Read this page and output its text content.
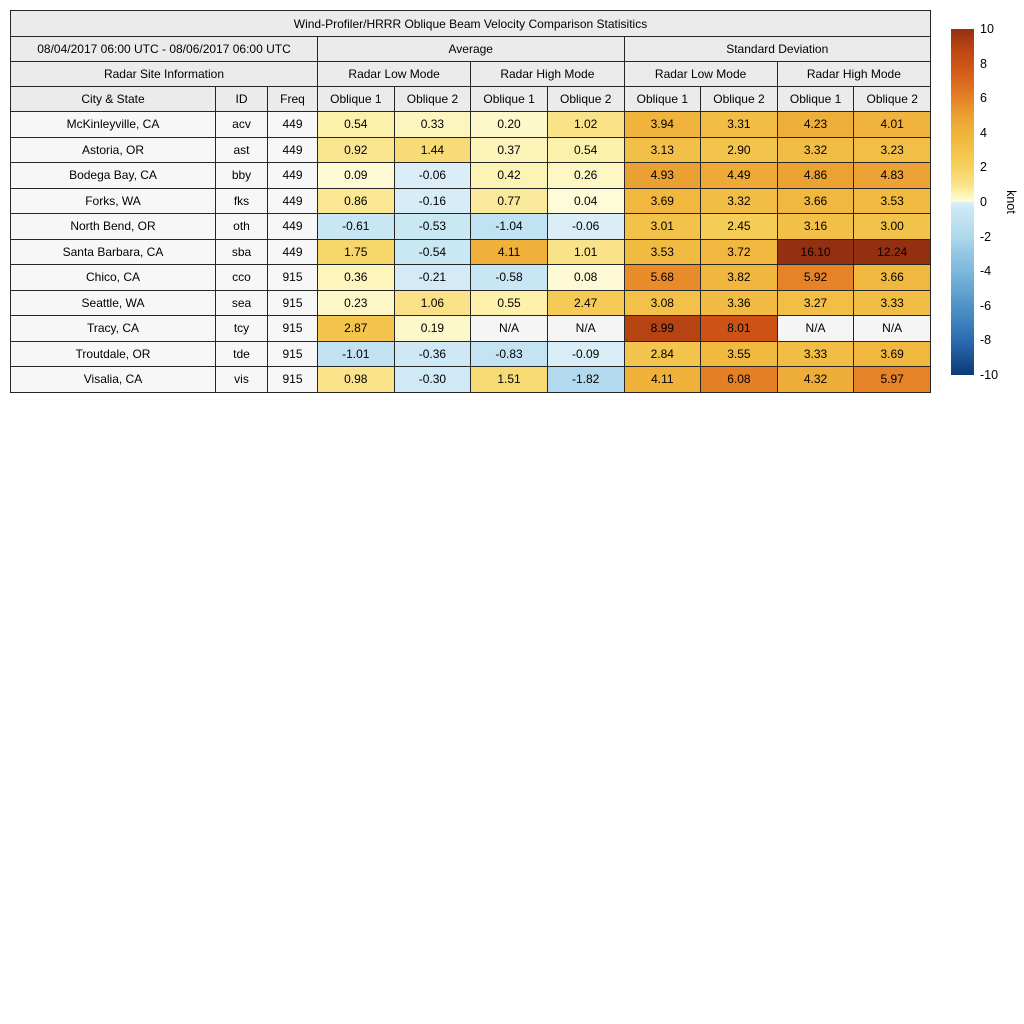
Wind-Profiler/HRRR Oblique Beam Velocity Comparison Statisitics										
08/04/2017 06:00 UTC - 08/06/2017 06:00 UTC			Average				Standard Deviation			
Radar Site Information			Radar Low Mode		Radar High Mode		Radar Low Mode		Radar High Mode	
City & State	ID	Freq	Oblique 1	Oblique 2	Oblique 1	Oblique 2	Oblique 1	Oblique 2	Oblique 1	Oblique 2
McKinleyville, CA	acv	449	0.54	0.33	0.20	1.02	3.94	3.31	4.23	4.01
Astoria, OR	ast	449	0.92	1.44	0.37	0.54	3.13	2.90	3.32	3.23
Bodega Bay, CA	bby	449	0.09	-0.06	0.42	0.26	4.93	4.49	4.86	4.83
Forks, WA	fks	449	0.86	-0.16	0.77	0.04	3.69	3.32	3.66	3.53
North Bend, OR	oth	449	-0.61	-0.53	-1.04	-0.06	3.01	2.45	3.16	3.00
Santa Barbara, CA	sba	449	1.75	-0.54	4.11	1.01	3.53	3.72	16.10	12.24
Chico, CA	cco	915	0.36	-0.21	-0.58	0.08	5.68	3.82	5.92	3.66
Seattle, WA	sea	915	0.23	1.06	0.55	2.47	3.08	3.36	3.27	3.33
Tracy, CA	tcy	915	2.87	0.19	N/A	N/A	8.99	8.01	N/A	N/A
Troutdale, OR	tde	915	-1.01	-0.36	-0.83	-0.09	2.84	3.55	3.33	3.69
Visalia, CA	vis	915	0.98	-0.30	1.51	-1.82	4.11	6.08	4.32	5.97
10
8
6
4
2
0
-2
-4
-6
-8
-10
knot
